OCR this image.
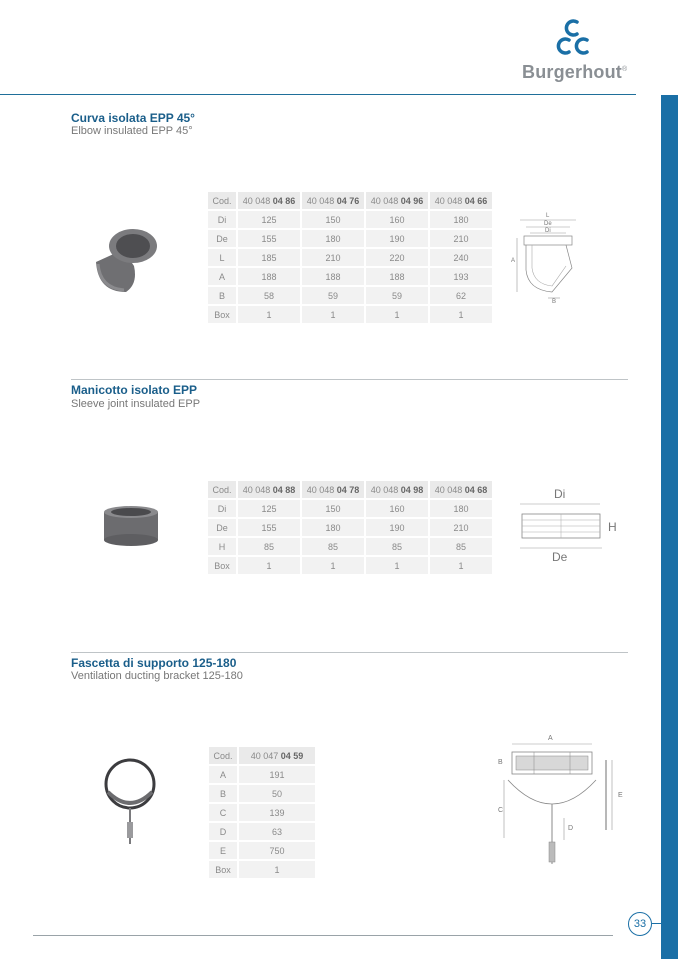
Burgerhout®
Curva isolata EPP 45°
Elbow insulated EPP 45°
Cod.	40 048 04 86	40 048 04 76	40 048 04 96	40 048 04 66
Di	125	150	160	180
De	155	180	190	210
L	185	210	220	240
A	188	188	188	193
B	58	59	59	62
Box	1	1	1	1
L
De
Di
A
B
Manicotto isolato EPP
Sleeve joint insulated EPP
Cod.	40 048 04 88	40 048 04 78	40 048 04 98	40 048 04 68
Di	125	150	160	180
De	155	180	190	210
H	85	85	85	85
Box	1	1	1	1
Di
H
De
Fascetta di supporto 125-180
Ventilation ducting bracket 125-180
Cod.	40 047 04 59
A	191
B	50
C	139
D	63
E	750
Box	1
A
B
C
D
E
33
